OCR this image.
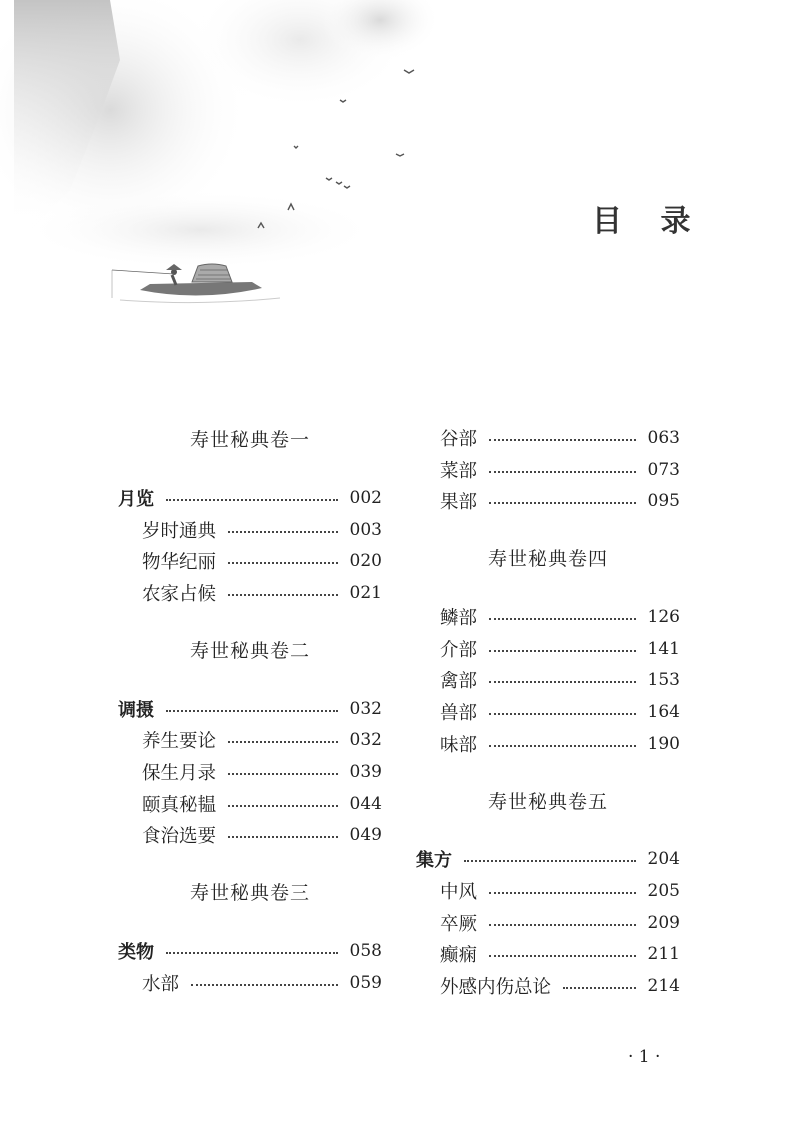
目 录
寿世秘典卷一
月览	002
岁时通典	003
物华纪丽	020
农家占候	021
寿世秘典卷二
调摄	032
养生要论	032
保生月录	039
颐真秘韫	044
食治选要	049
寿世秘典卷三
类物	058
水部	059
谷部	063
菜部	073
果部	095
寿世秘典卷四
鳞部	126
介部	141
禽部	153
兽部	164
味部	190
寿世秘典卷五
集方	204
中风	205
卒厥	209
癫痫	211
外感内伤总论	214
· 1 ·
